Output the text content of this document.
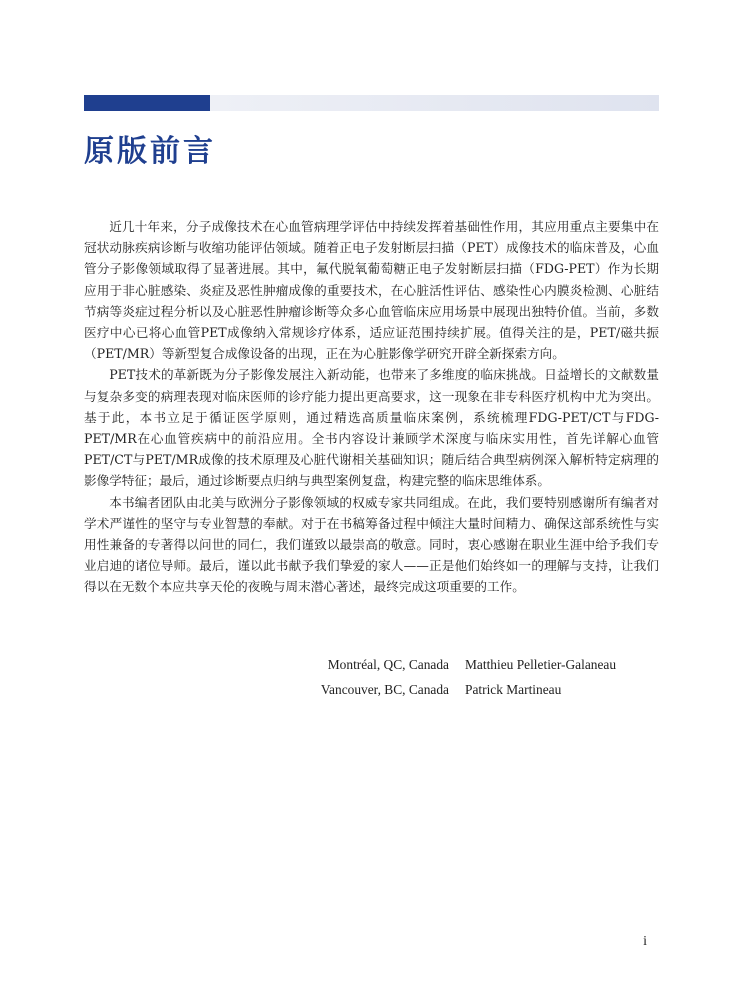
原版前言

近几十年来，分子成像技术在心血管病理学评估中持续发挥着基础性作用，其应用重点主要集中在冠状动脉疾病诊断与收缩功能评估领域。随着正电子发射断层扫描（PET）成像技术的临床普及，心血管分子影像领域取得了显著进展。其中，氟代脱氧葡萄糖正电子发射断层扫描（FDG-PET）作为长期应用于非心脏感染、炎症及恶性肿瘤成像的重要技术，在心脏活性评估、感染性心内膜炎检测、心脏结节病等炎症过程分析以及心脏恶性肿瘤诊断等众多心血管临床应用场景中展现出独特价值。当前，多数医疗中心已将心血管PET成像纳入常规诊疗体系，适应证范围持续扩展。值得关注的是，PET/磁共振（PET/MR）等新型复合成像设备的出现，正在为心脏影像学研究开辟全新探索方向。

PET技术的革新既为分子影像发展注入新动能，也带来了多维度的临床挑战。日益增长的文献数量与复杂多变的病理表现对临床医师的诊疗能力提出更高要求，这一现象在非专科医疗机构中尤为突出。基于此，本书立足于循证医学原则，通过精选高质量临床案例，系统梳理FDG-PET/CT与FDG-PET/MR在心血管疾病中的前沿应用。全书内容设计兼顾学术深度与临床实用性，首先详解心血管PET/CT与PET/MR成像的技术原理及心脏代谢相关基础知识；随后结合典型病例深入解析特定病理的影像学特征；最后，通过诊断要点归纳与典型案例复盘，构建完整的临床思维体系。

本书编者团队由北美与欧洲分子影像领域的权威专家共同组成。在此，我们要特别感谢所有编者对学术严谨性的坚守与专业智慧的奉献。对于在书稿筹备过程中倾注大量时间精力、确保这部系统性与实用性兼备的专著得以问世的同仁，我们谨致以最崇高的敬意。同时，衷心感谢在职业生涯中给予我们专业启迪的诸位导师。最后，谨以此书献予我们挚爱的家人——正是他们始终如一的理解与支持，让我们得以在无数个本应共享天伦的夜晚与周末潜心著述，最终完成这项重要的工作。

Montréal, QC, Canada Matthieu Pelletier-Galaneau
Vancouver, BC, Canada Patrick Martineau
i
